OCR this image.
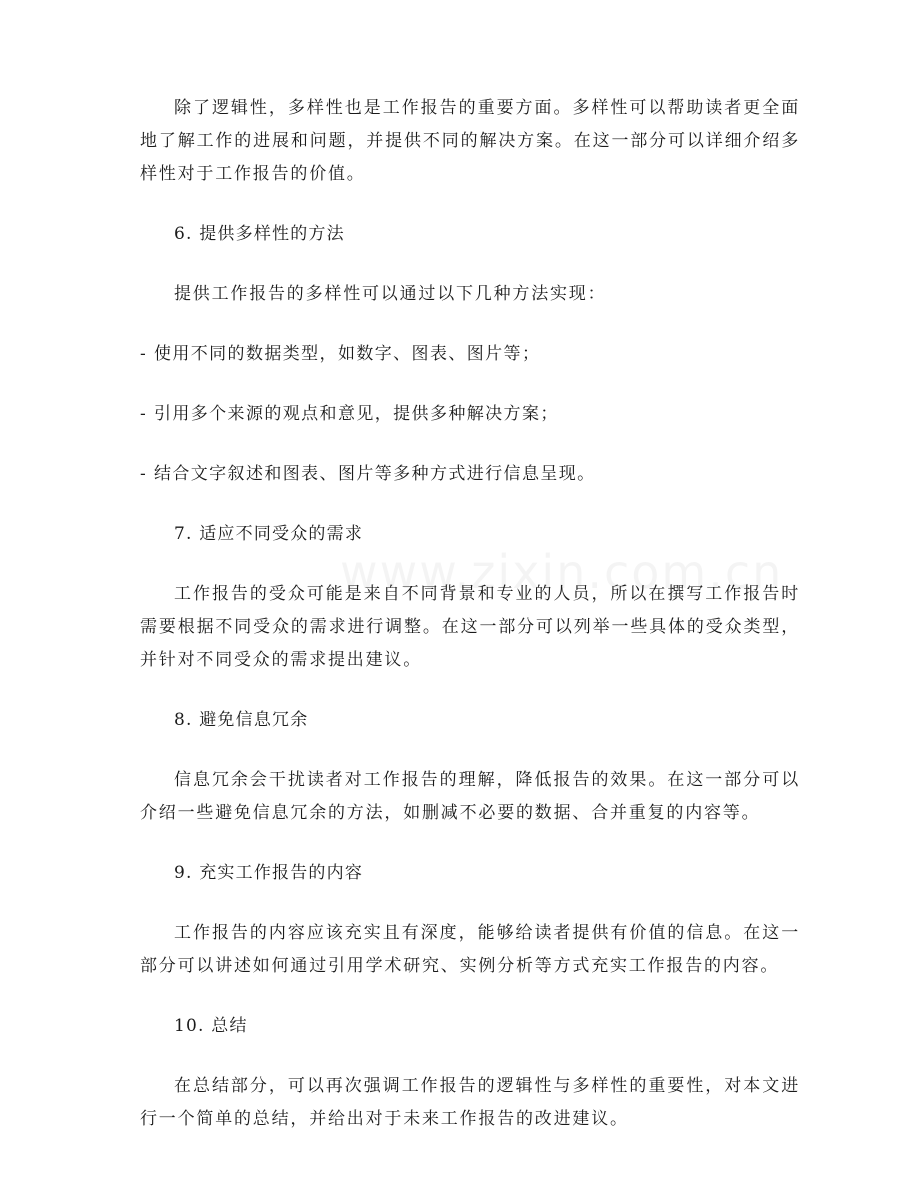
除了逻辑性，多样性也是工作报告的重要方面。多样性可以帮助读者更全面地了解工作的进展和问题，并提供不同的解决方案。在这一部分可以详细介绍多样性对于工作报告的价值。

6. 提供多样性的方法

提供工作报告的多样性可以通过以下几种方法实现：

- 使用不同的数据类型，如数字、图表、图片等；

- 引用多个来源的观点和意见，提供多种解决方案；

- 结合文字叙述和图表、图片等多种方式进行信息呈现。

7. 适应不同受众的需求

工作报告的受众可能是来自不同背景和专业的人员，所以在撰写工作报告时需要根据不同受众的需求进行调整。在这一部分可以列举一些具体的受众类型，并针对不同受众的需求提出建议。

8. 避免信息冗余

信息冗余会干扰读者对工作报告的理解，降低报告的效果。在这一部分可以介绍一些避免信息冗余的方法，如删减不必要的数据、合并重复的内容等。

9. 充实工作报告的内容

工作报告的内容应该充实且有深度，能够给读者提供有价值的信息。在这一部分可以讲述如何通过引用学术研究、实例分析等方式充实工作报告的内容。

10. 总结

在总结部分，可以再次强调工作报告的逻辑性与多样性的重要性，对本文进行一个简单的总结，并给出对于未来工作报告的改进建议。
